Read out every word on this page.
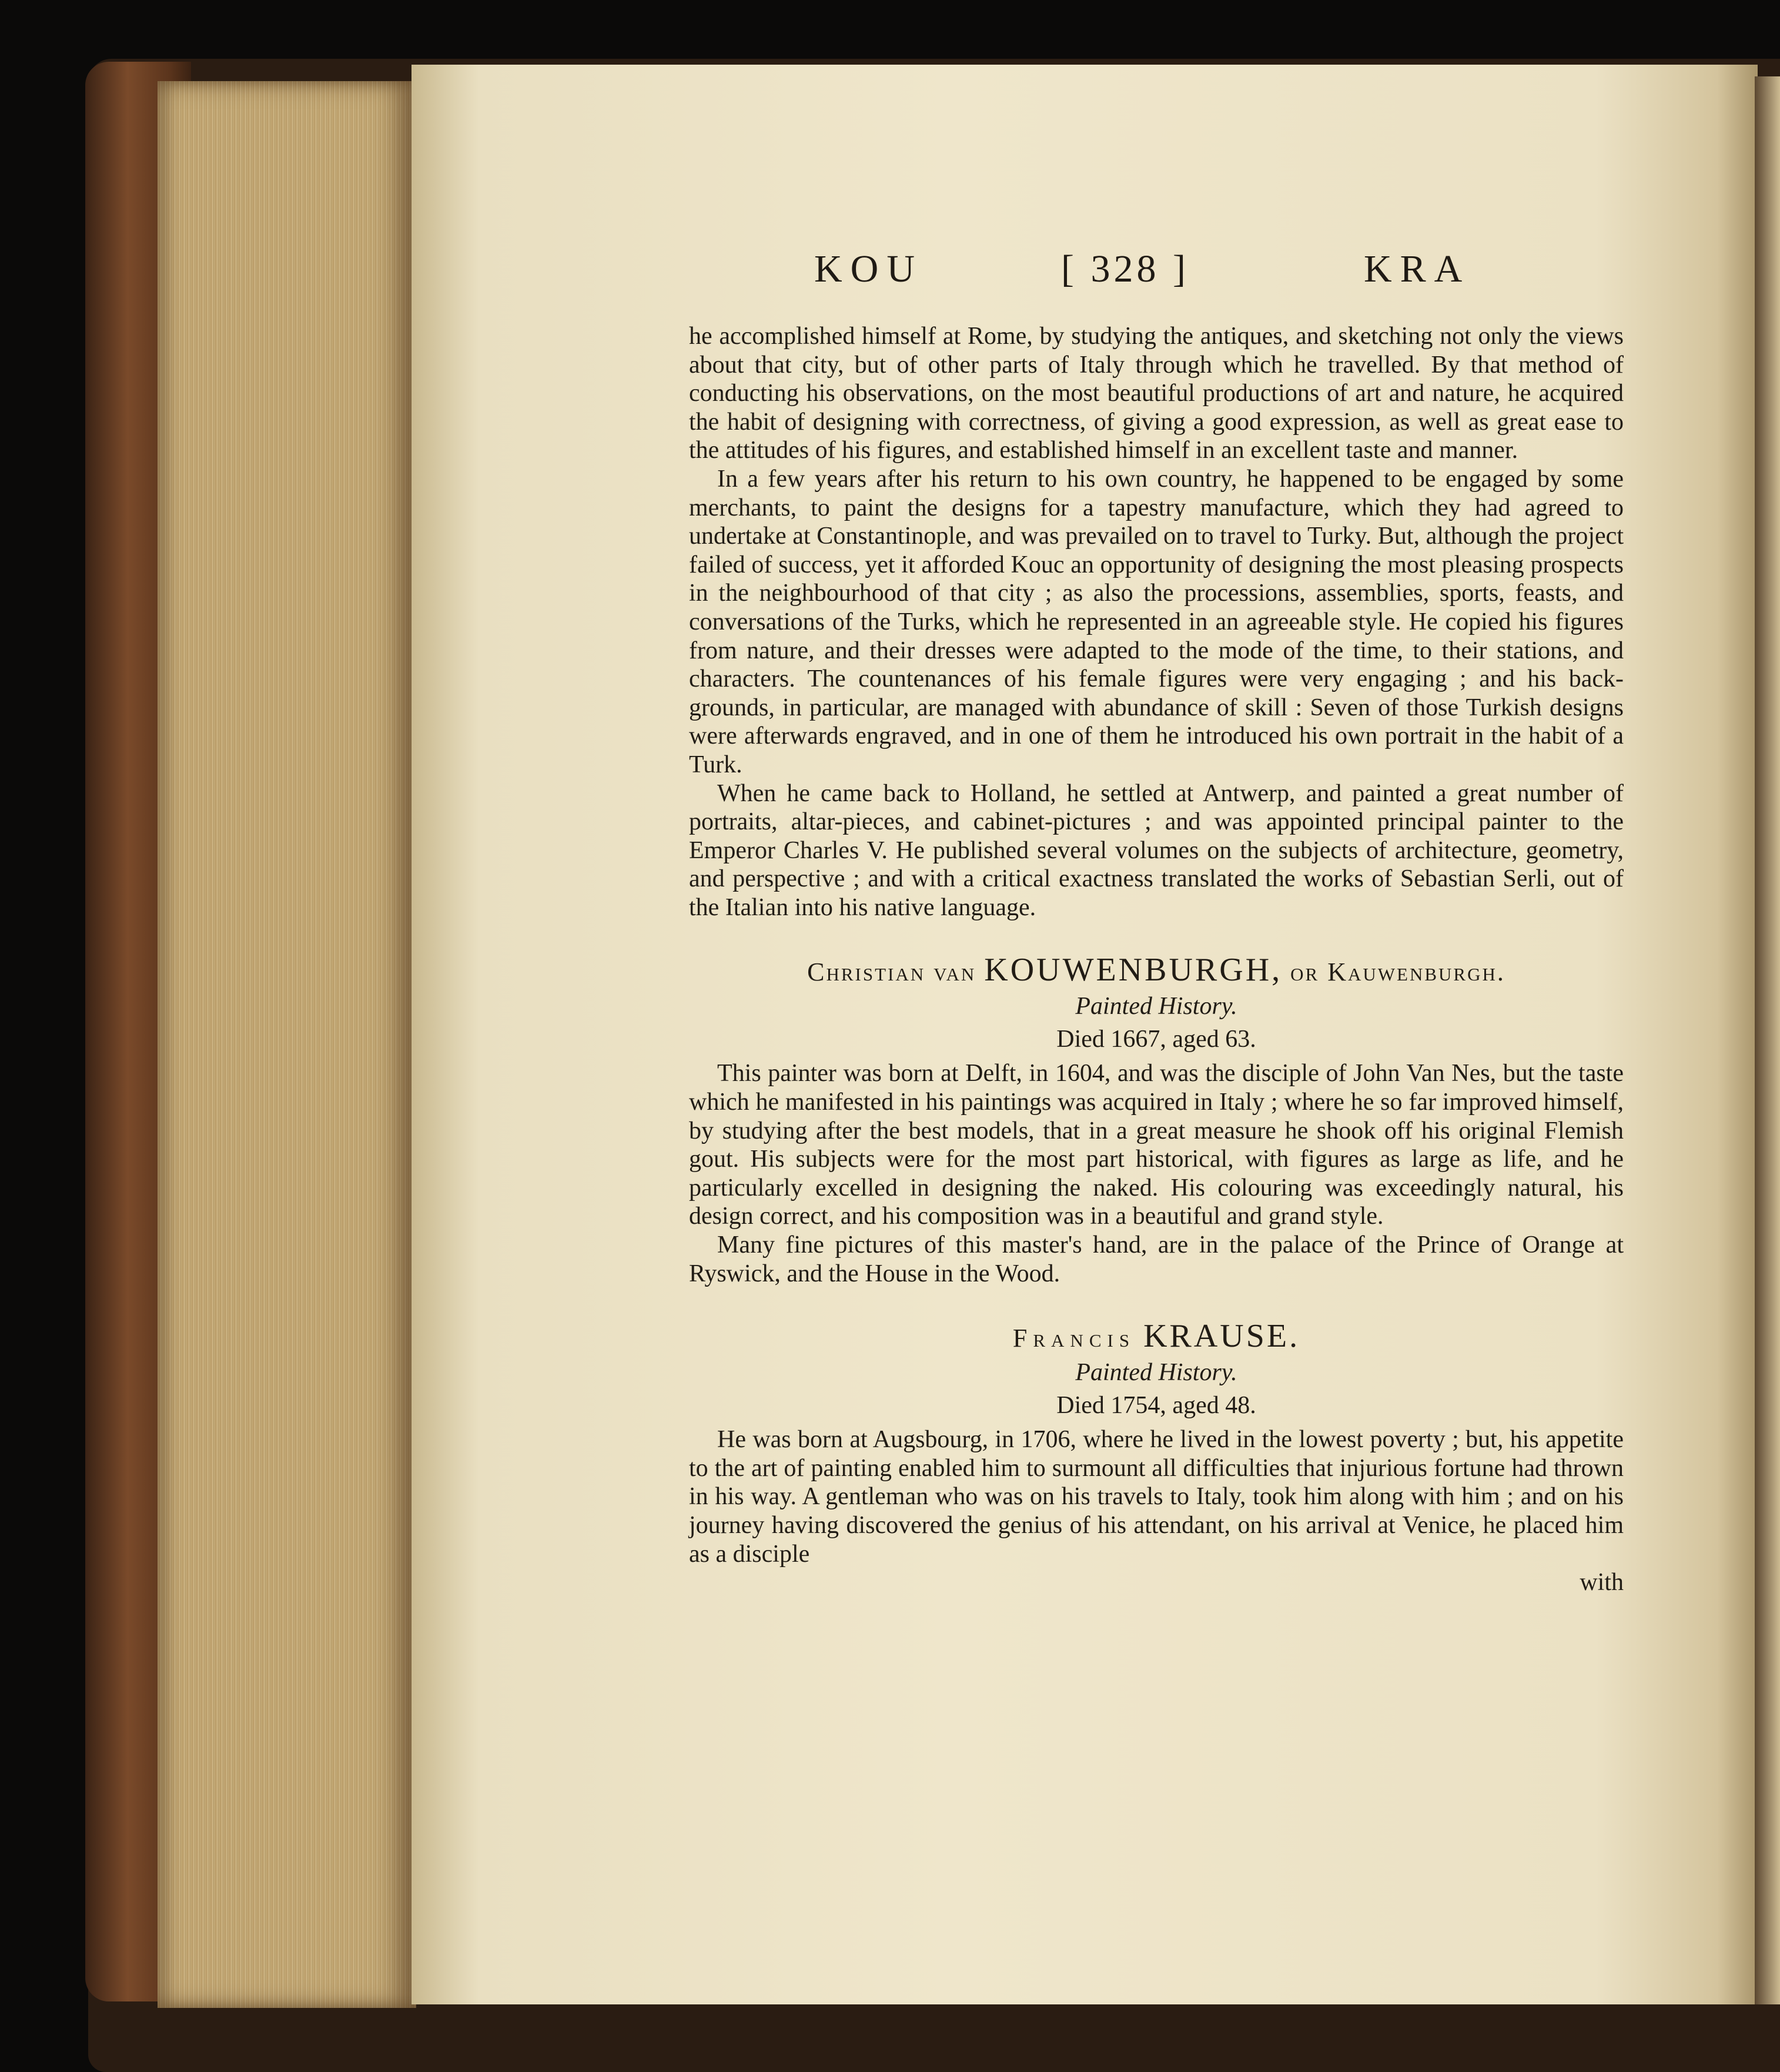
KOU	[ 328 ]	KRA

he accomplished himself at Rome, by studying the antiques, and sketching not only the views about that city, but of other parts of Italy through which he travelled. By that method of conducting his observations, on the most beautiful productions of art and nature, he acquired the habit of designing with correctness, of giving a good expression, as well as great ease to the attitudes of his figures, and established himself in an excellent taste and manner.

In a few years after his return to his own country, he happened to be engaged by some merchants, to paint the designs for a tapestry manufacture, which they had agreed to undertake at Constantinople, and was prevailed on to travel to Turky. But, although the project failed of success, yet it afforded Kouc an opportunity of designing the most pleasing prospects in the neighbourhood of that city ; as also the processions, assemblies, sports, feasts, and conversations of the Turks, which he represented in an agreeable style. He copied his figures from nature, and their dresses were adapted to the mode of the time, to their stations, and characters. The countenances of his female figures were very engaging ; and his back-grounds, in particular, are managed with abundance of skill : Seven of those Turkish designs were afterwards engraved, and in one of them he introduced his own portrait in the habit of a Turk.

When he came back to Holland, he settled at Antwerp, and painted a great number of portraits, altar-pieces, and cabinet-pictures ; and was appointed principal painter to the Emperor Charles V. He published several volumes on the subjects of architecture, geometry, and perspective ; and with a critical exactness translated the works of Sebastian Serli, out of the Italian into his native language.

Christian van KOUWENBURGH, or Kauwenburgh.
Painted History.
Died 1667, aged 63.

This painter was born at Delft, in 1604, and was the disciple of John Van Nes, but the taste which he manifested in his paintings was acquired in Italy ; where he so far improved himself, by studying after the best models, that in a great measure he shook off his original Flemish gout. His subjects were for the most part historical, with figures as large as life, and he particularly excelled in designing the naked. His colouring was exceedingly natural, his design correct, and his composition was in a beautiful and grand style.

Many fine pictures of this master's hand, are in the palace of the Prince of Orange at Ryswick, and the House in the Wood.

Francis KRAUSE.
Painted History.
Died 1754, aged 48.

He was born at Augsbourg, in 1706, where he lived in the lowest poverty ; but, his appetite to the art of painting enabled him to surmount all difficulties that injurious fortune had thrown in his way. A gentleman who was on his travels to Italy, took him along with him ; and on his journey having discovered the genius of his attendant, on his arrival at Venice, he placed him as a disciple

with
